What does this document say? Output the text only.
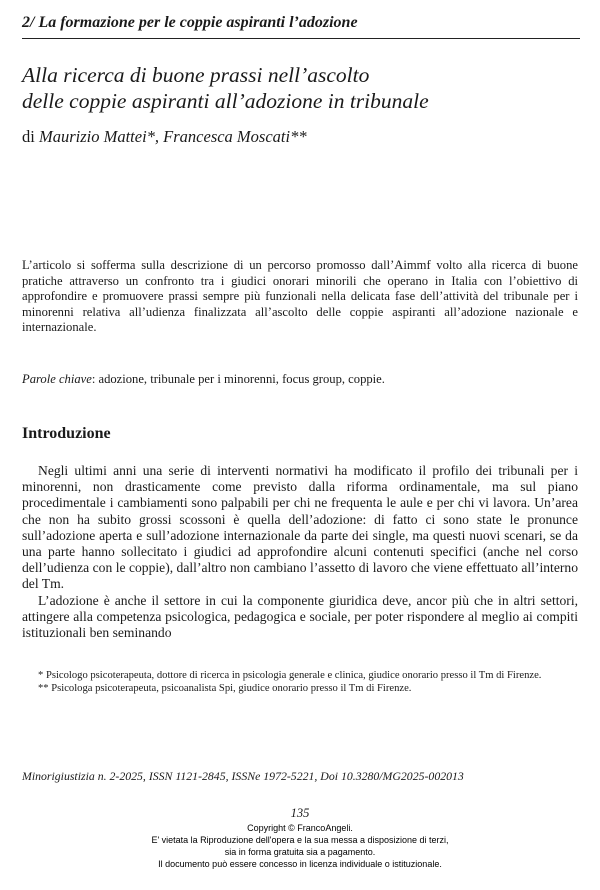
2/ La formazione per le coppie aspiranti l’adozione
Alla ricerca di buone prassi nell’ascolto
delle coppie aspiranti all’adozione in tribunale
di Maurizio Mattei*, Francesca Moscati**

L’articolo si sofferma sulla descrizione di un percorso promosso dall’Aimmf volto alla ricerca di buone pratiche attraverso un confronto tra i giudici onorari minorili che operano in Italia con l’obiettivo di approfondire e promuovere prassi sempre più funzionali nella delicata fase dell’attività del tribunale per i minorenni relativa all’udienza finalizzata all’ascolto delle coppie aspiranti all’adozione nazionale e internazionale.

Parole chiave: adozione, tribunale per i minorenni, focus group, coppie.

Introduzione

Negli ultimi anni una serie di interventi normativi ha modificato il profilo dei tribunali per i minorenni, non drasticamente come previsto dalla riforma ordinamentale, ma sul piano procedimentale i cambiamenti sono palpabili per chi ne frequenta le aule e per chi vi lavora. Un’area che non ha subito grossi scossoni è quella dell’adozione: di fatto ci sono state le pronunce sull’adozione aperta e sull’adozione internazionale da parte dei single, ma questi nuovi scenari, se da una parte hanno sollecitato i giudici ad approfondire alcuni contenuti specifici (anche nel corso dell’udienza con le coppie), dall’altro non cambiano l’assetto di lavoro che viene effettuato all’interno del Tm.

L’adozione è anche il settore in cui la componente giuridica deve, ancor più che in altri settori, attingere alla competenza psicologica, pedagogica e sociale, per poter rispondere al meglio ai compiti istituzionali ben seminando

* Psicologo psicoterapeuta, dottore di ricerca in psicologia generale e clinica, giudice onorario presso il Tm di Firenze.

** Psicologa psicoterapeuta, psicoanalista Spi, giudice onorario presso il Tm di Firenze.

Minorigiustizia n. 2-2025, ISSN 1121-2845, ISSNe 1972-5221, Doi 10.3280/MG2025-002013
135
Copyright © FrancoAngeli.
E' vietata la Riproduzione dell'opera e la sua messa a disposizione di terzi,
sia in forma gratuita sia a pagamento.
Il documento può essere concesso in licenza individuale o istituzionale.
